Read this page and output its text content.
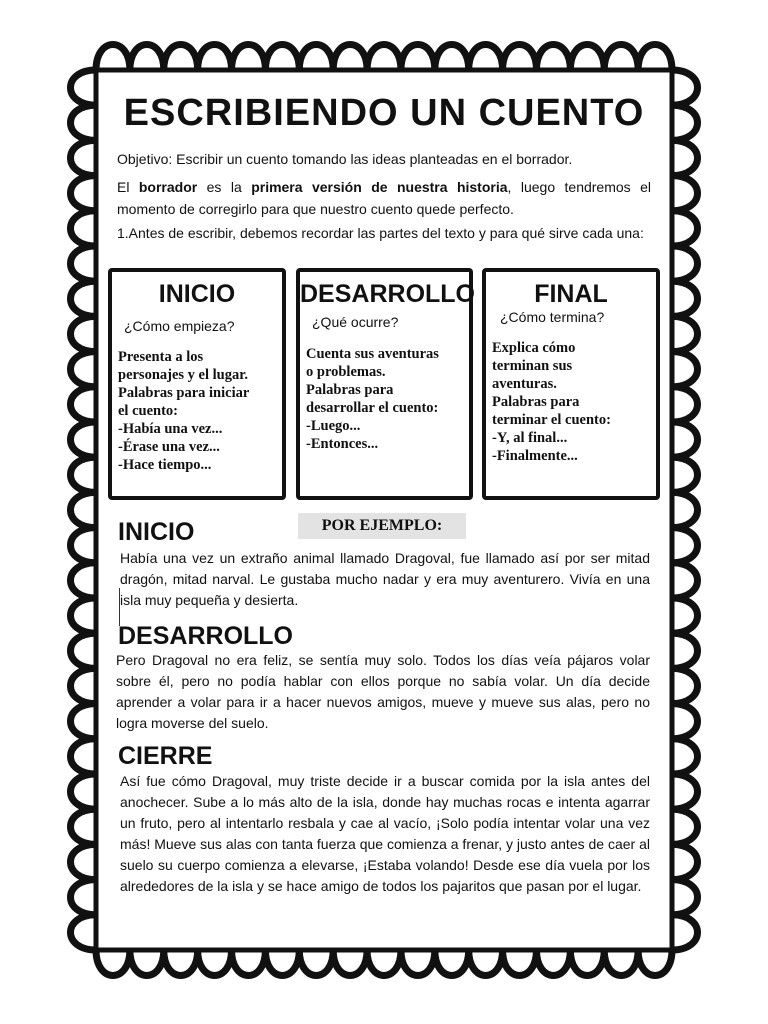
ESCRIBIENDO UN CUENTO
Objetivo: Escribir un cuento tomando las ideas planteadas en el borrador.
El borrador es la primera versión de nuestra historia, luego tendremos el momento de corregirlo para que nuestro cuento quede perfecto.
1.Antes de escribir, debemos recordar las partes del texto y para qué sirve cada una:
INICIO
¿Cómo empieza?
Presenta a los
personajes y el lugar.
Palabras para iniciar
el cuento:
-Había una vez...
-Érase una vez...
-Hace tiempo...
DESARROLLO
¿Qué ocurre?
Cuenta sus aventuras
o problemas.
Palabras para
desarrollar el cuento:
-Luego...
-Entonces...
FINAL
¿Cómo termina?
Explica cómo
terminan sus
aventuras.
Palabras para
terminar el cuento:
-Y, al final...
-Finalmente...
POR EJEMPLO:
INICIO
Había una vez un extraño animal llamado Dragoval, fue llamado así por ser mitad dragón, mitad narval. Le gustaba mucho nadar y era muy aventurero. Vivía en una isla muy pequeña y desierta.
DESARROLLO
Pero Dragoval no era feliz, se sentía muy solo. Todos los días veía pájaros volar sobre él, pero no podía hablar con ellos porque no sabía volar. Un día decide aprender a volar para ir a hacer nuevos amigos, mueve y mueve sus alas, pero no logra moverse del suelo.
CIERRE
Así fue cómo Dragoval, muy triste decide ir a buscar comida por la isla antes del anochecer. Sube a lo más alto de la isla, donde hay muchas rocas e intenta agarrar un fruto, pero al intentarlo resbala y cae al vacío, ¡Solo podía intentar volar una vez más! Mueve sus alas con tanta fuerza que comienza a frenar, y justo antes de caer al suelo su cuerpo comienza a elevarse, ¡Estaba volando! Desde ese día vuela por los alrededores de la isla y se hace amigo de todos los pajaritos que pasan por el lugar.
